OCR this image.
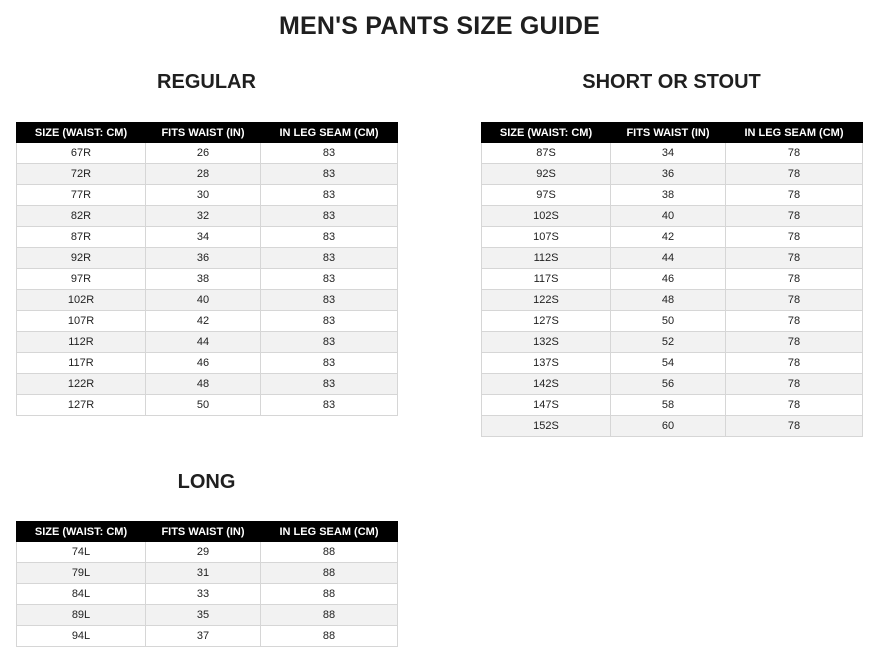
MEN'S PANTS SIZE GUIDE
REGULAR
SIZE (WAIST: CM)	FITS WAIST (IN)	IN LEG SEAM (CM)
67R	26	83
72R	28	83
77R	30	83
82R	32	83
87R	34	83
92R	36	83
97R	38	83
102R	40	83
107R	42	83
112R	44	83
117R	46	83
122R	48	83
127R	50	83
SHORT OR STOUT
SIZE (WAIST: CM)	FITS WAIST (IN)	IN LEG SEAM (CM)
87S	34	78
92S	36	78
97S	38	78
102S	40	78
107S	42	78
112S	44	78
117S	46	78
122S	48	78
127S	50	78
132S	52	78
137S	54	78
142S	56	78
147S	58	78
152S	60	78
LONG
SIZE (WAIST: CM)	FITS WAIST (IN)	IN LEG SEAM (CM)
74L	29	88
79L	31	88
84L	33	88
89L	35	88
94L	37	88
